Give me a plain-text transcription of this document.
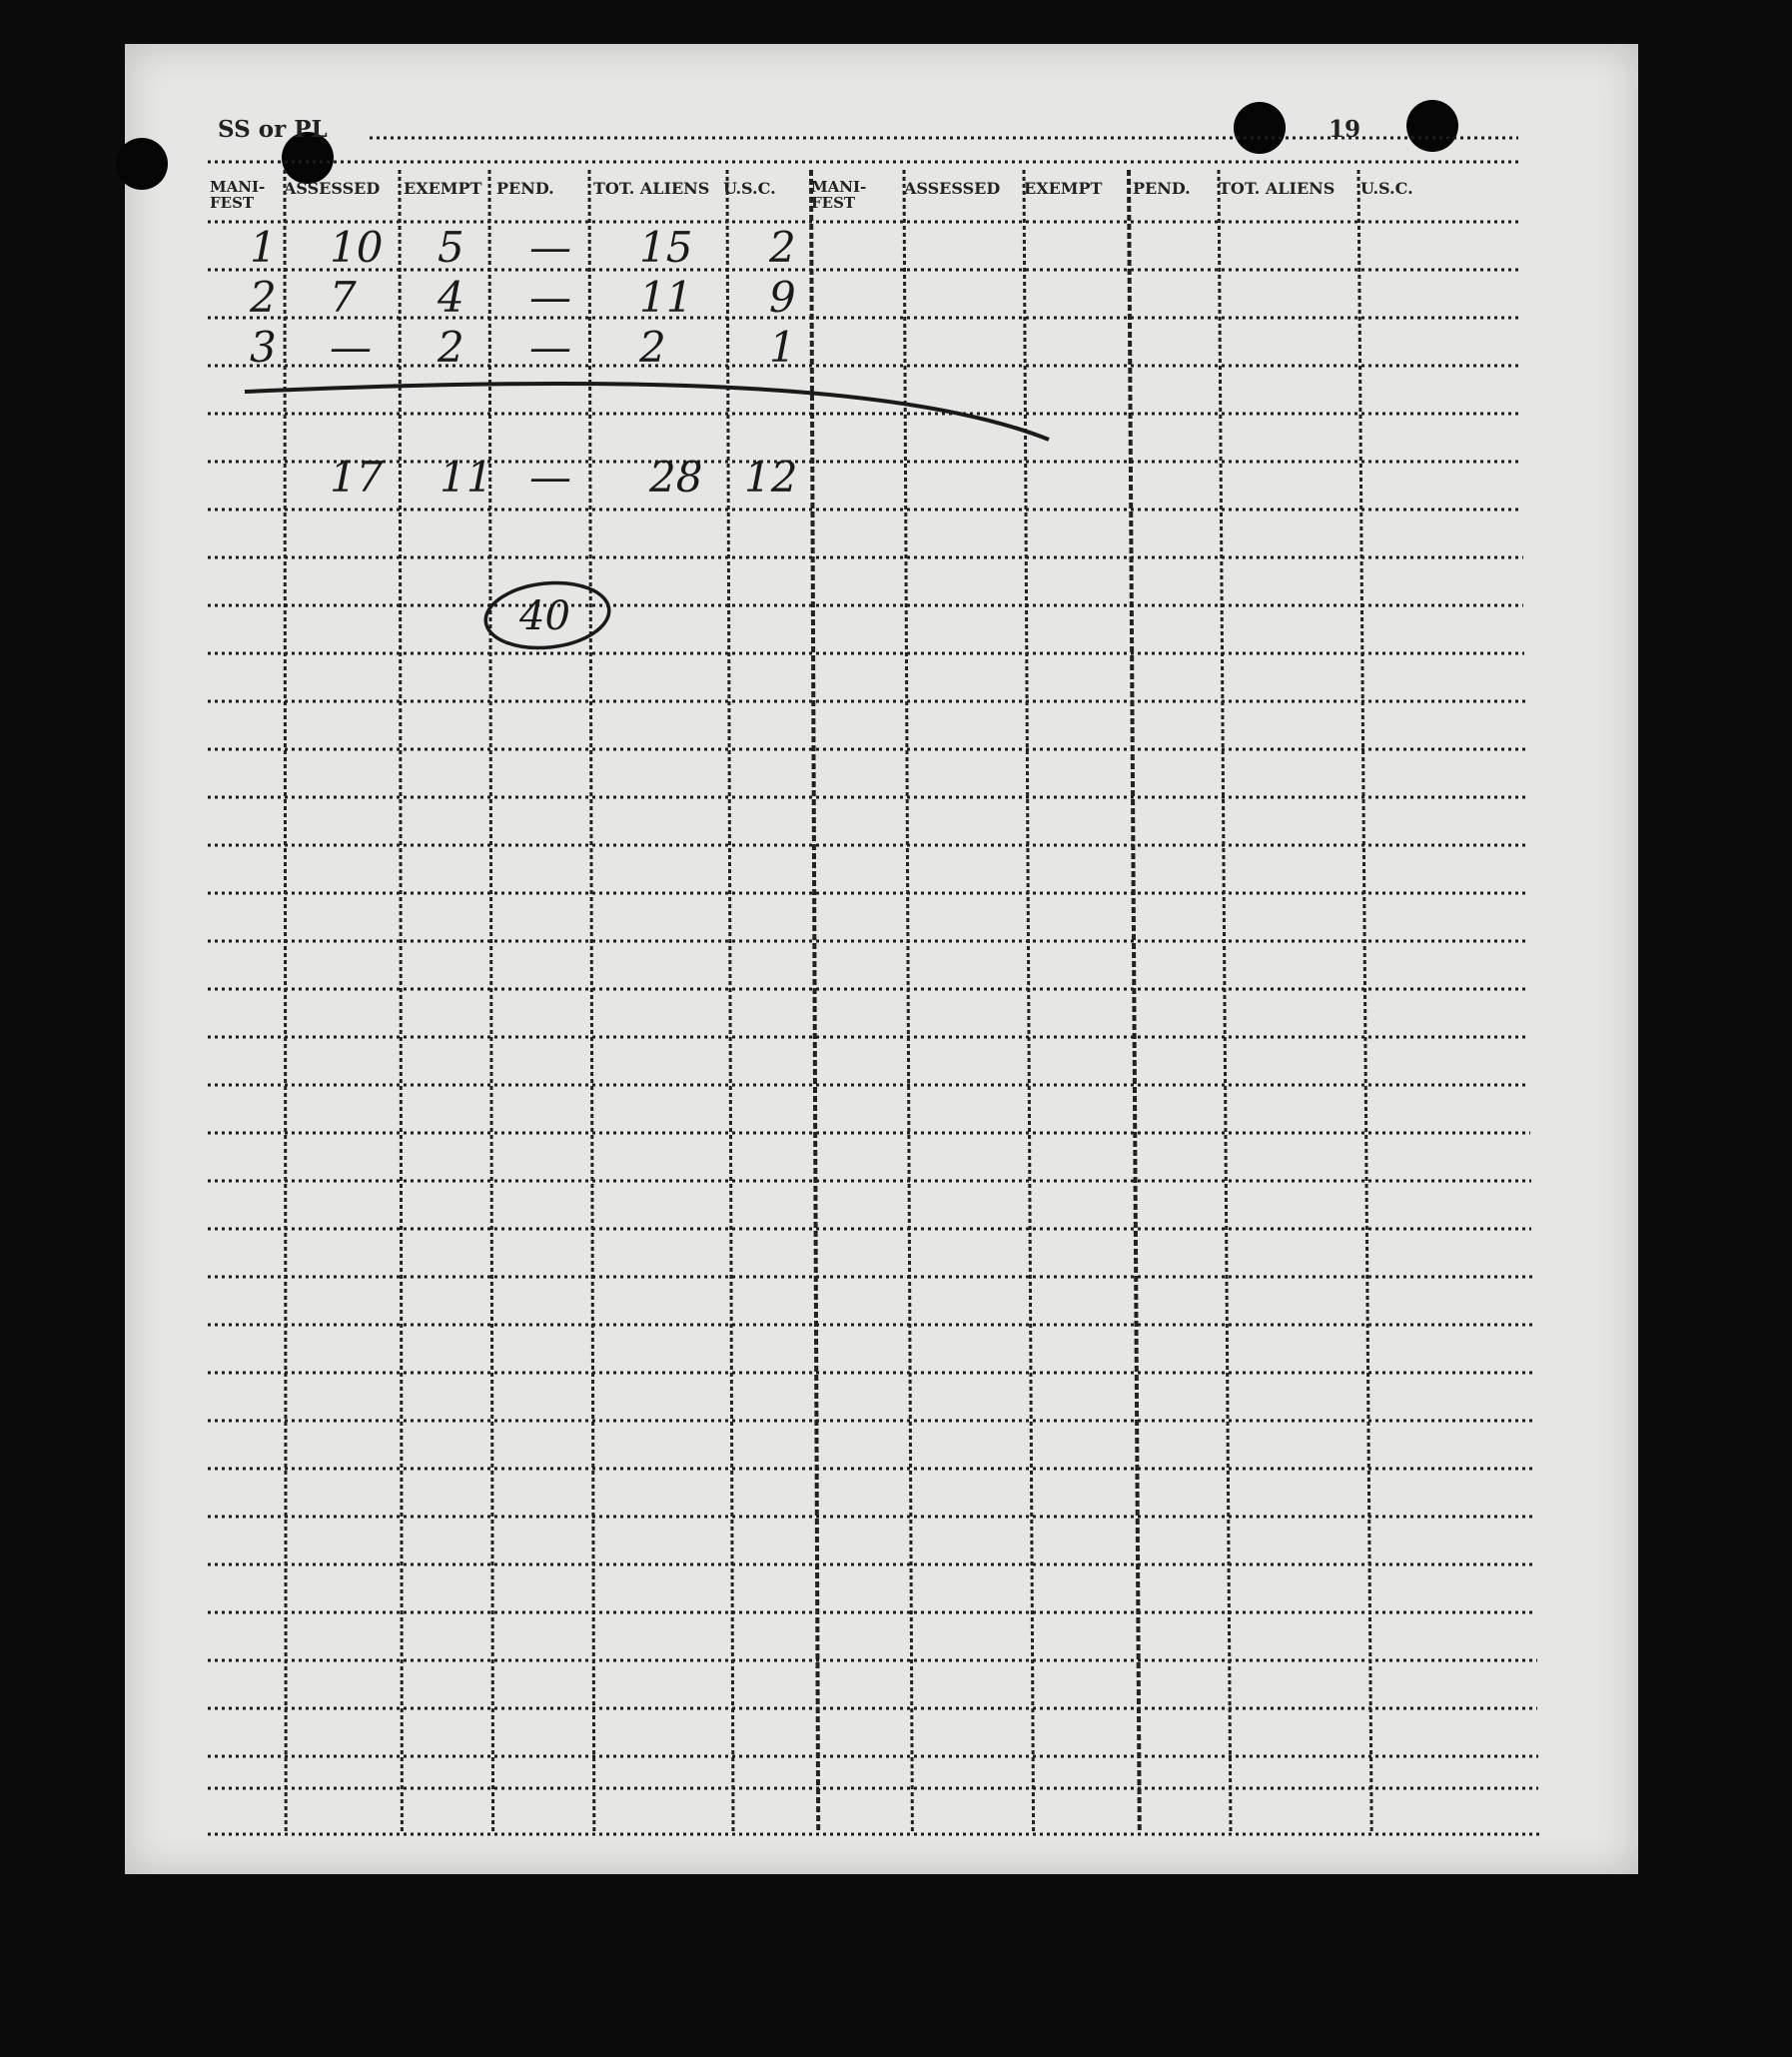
SS or PL	19
MANI-FEST
ASSESSED EXEMPT PEND. TOT. ALIENS U.S.C. MANI-FEST
ASSESSED EXEMPT PEND. TOT. ALIENS U.S.C.
1 10 5 — 15 2
2 7 4 — 11 9
3 — 2 — 2 1
17 11 — 28 12
40
